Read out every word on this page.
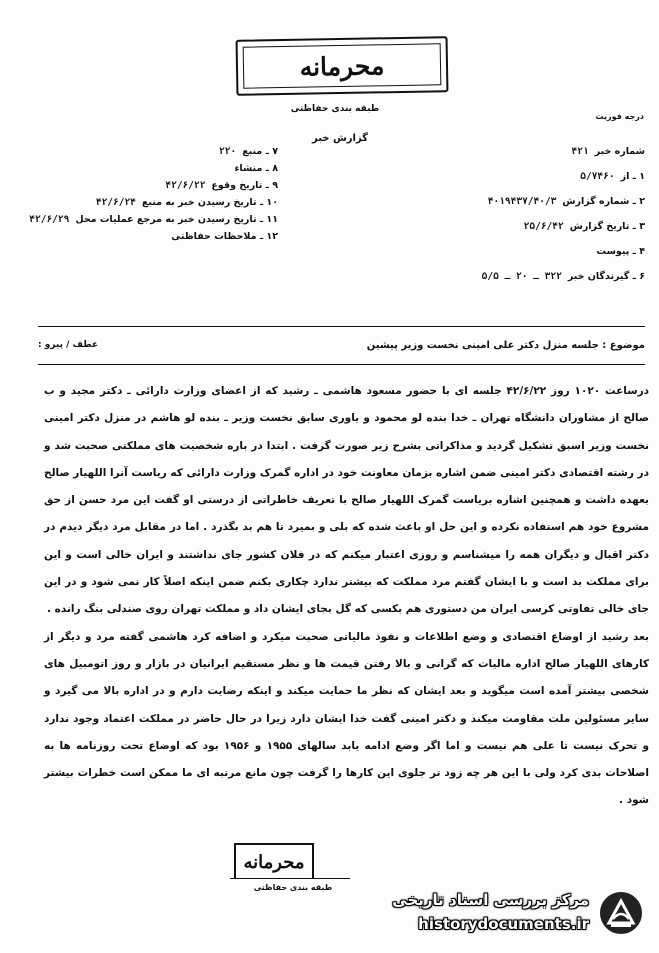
محرمانه
طبقه بندی حفاظتی
درجه فوریت
گزارش خبر
شماره خبر
۴۲۱
۱ ـ از
۵/۷۴۶۰
۲ ـ شماره گزارش
۴۰۱۹۴۳۷/۴۰/۳
۳ ـ تاریخ گزارش
۲۵/۶/۴۲
۴ ـ پیوست
۶ ـ گیرندگان خبر
۳۲۲ ـ ۲۰ ـ ۵/۵
۷ ـ منبع
۲۲۰
۸ ـ منشاء
۹ ـ تاریخ وقوع
۴۲/۶/۲۲
۱۰ ـ تاریخ رسیدن خبر به منبع
۴۲/۶/۲۴
۱۱ ـ تاریخ رسیدن خبر به مرجع عملیات محل
۴۲/۶/۲۹
۱۲ ـ ملاحظات حفاظتی
موضوع : جلسه منزل دکتر علی امینی نخست وزیر پیشین
عطف / پیرو :

درساعت ۱۰۲۰ روز ۴۲/۶/۲۲ جلسه ای با حضور مسعود هاشمی ـ رشید که از اعضای وزارت دارائی ـ دکتر مجید و ب صالح از مشاوران دانشگاه تهران ـ خدا بنده لو محمود و یاوری سابق نخست وزیر ـ بنده لو هاشم در منزل دکتر امینی نخست وزیر اسبق تشکیل گردید و مذاکراتی بشرح زیر صورت گرفت . ابتدا در باره شخصیت های مملکتی صحبت شد و در رشته اقتصادی دکتر امینی ضمن اشاره بزمان معاونت خود در اداره گمرک وزارت دارائی که ریاست آنرا اللهیار صالح بعهده داشت و همچنین اشاره بریاست گمرک اللهیار صالح با تعریف خاطراتی از درستی او گفت این مرد حسن از حق مشروع خود هم استفاده نکرده و این حل او باعث شده که بلی و بمیرد تا هم بد بگذرد . اما در مقابل مرد دیگر دیدم در دکتر اقبال و دیگران همه را میشناسم و روزی اعتبار میکنم که در فلان کشور جای نداشتند و ایران خالی است و این برای مملکت بد است و با ایشان گفتم مرد مملکت که بیشتر ندارد چکاری بکنم ضمن اینکه اصلاً کار نمی شود و در این جای خالی تفاوتی کرسی ایران من دستوری هم بکسی که گل بجای ایشان داد و مملکت تهران روی صندلی بنگ رانده .

بعد رشید از اوضاع اقتصادی و وضع اطلاعات و نفوذ مالیاتی صحبت میکرد و اضافه کرد هاشمی گفته مرد و دیگر از کارهای اللهیار صالح اداره مالیات که گرانی و بالا رفتن قیمت ها و نظر مستقیم ایرانیان در بازار و روز اتومبیل های شخصی بیشتر آمده است میگوید و بعد ایشان که نظر ما حمایت میکند و اینکه رضایت دارم و در اداره بالا می گیرد و سایر مسئولین ملت مقاومت میکند و دکتر امینی گفت خدا ایشان دارد زیرا در حال حاضر در مملکت اعتماد وجود ندارد و تحرک نیست تا علی هم نیست و اما اگر وضع ادامه یابد سالهای ۱۹۵۵ و ۱۹۵۶ بود که اوضاع تحت روزنامه ها به اصلاحات بدی کرد ولی با این هر چه زود تر جلوی این کارها را گرفت چون مانع مرتبه ای ما ممکن است خطرات بیشتر شود .

محرمانه
طبقه بندی حفاظتی
مرکز بررسی اسناد تاریخی
historydocuments.ir
